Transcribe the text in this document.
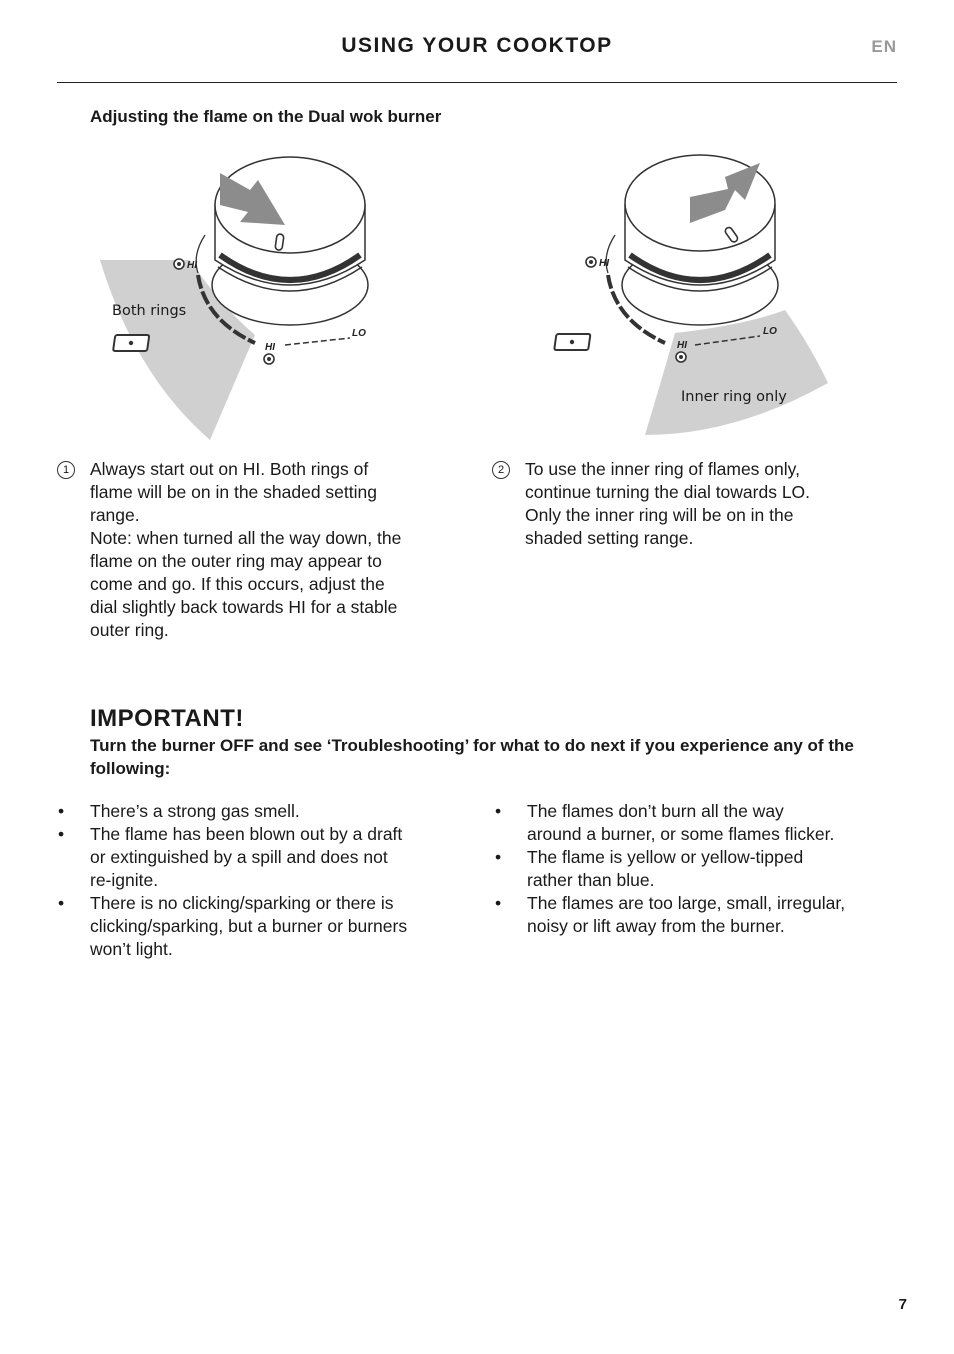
USING YOUR COOKTOP	EN
Adjusting the flame on the Dual wok burner
HI
HI
LO
Both rings
HI
HI
LO
Inner ring only
1	Always start out on HI. Both rings of

flame will be on in the shaded setting

range.

Note: when turned all the way down, the

flame on the outer ring may appear to

come and go. If this occurs, adjust the

dial slightly back towards HI for a stable

outer ring.

2	To use the inner ring of flames only,

continue turning the dial towards LO.

Only the inner ring will be on in the

shaded setting range.

IMPORTANT!
Turn the burner OFF and see ‘Troubleshooting’ for what to do next if you experience any of the following:
• There’s a strong gas smell.
• The flame has been blown out by a draft
or extinguished by a spill and does not
re-ignite.
• There is no clicking/sparking or there is
clicking/sparking, but a burner or burners
won’t light.
• The flames don’t burn all the way
around a burner, or some flames flicker.
• The flame is yellow or yellow-tipped
rather than blue.
• The flames are too large, small, irregular,
noisy or lift away from the burner.
7
